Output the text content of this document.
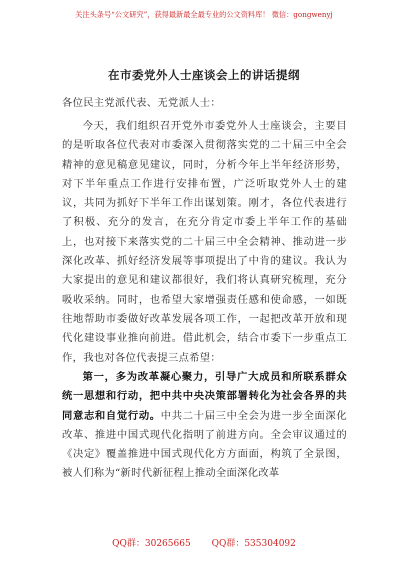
关注头条号“公文研究”，获得最新最全最专业的公文资料库！ 微信：gongwenyj
在市委党外人士座谈会上的讲话提纲

各位民主党派代表、无党派人士：

今天，我们组织召开党外市委党外人士座谈会，主要目的是听取各位代表对市委深入贯彻落实党的二十届三中全会精神的意见稿意见建议，同时，分析今年上半年经济形势，对下半年重点工作进行安排布置，广泛听取党外人士的建议，共同为抓好下半年工作出谋划策。刚才，各位代表进行了积极、充分的发言，在充分肯定市委上半年工作的基础上，也对接下来落实党的二十届三中全会精神、推动进一步深化改革、抓好经济发展等事项提出了中肯的建议。我认为大家提出的意见和建议都很好，我们将认真研究梳理，充分吸收采纳。同时，也希望大家增强责任感和使命感，一如既往地帮助市委做好改革发展各项工作，一起把改革开放和现代化建设事业推向前进。借此机会，结合市委下一步重点工作，我也对各位代表提三点希望：

第一，多为改革凝心聚力，引导广大成员和所联系群众统一思想和行动，把中共中央决策部署转化为社会各界的共同意志和自觉行动。中共二十届三中全会为进一步全面深化改革、推进中国式现代化指明了前进方向。全会审议通过的《决定》覆盖推进中国式现代化方方面面，构筑了全景图，被人们称为“新时代新征程上推动全面深化改革

QQ群：30265665 QQ群：535304092
